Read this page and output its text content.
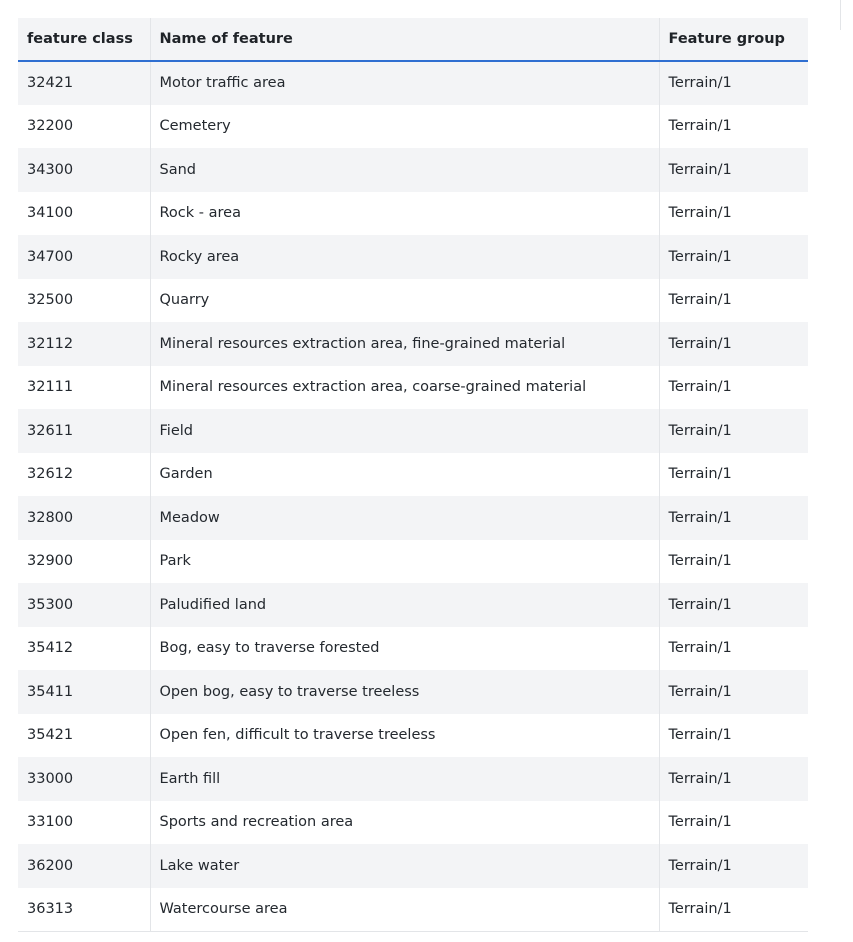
feature class	Name of feature	Feature group
32421	Motor traffic area	Terrain/1
32200	Cemetery	Terrain/1
34300	Sand	Terrain/1
34100	Rock - area	Terrain/1
34700	Rocky area	Terrain/1
32500	Quarry	Terrain/1
32112	Mineral resources extraction area, fine-grained material	Terrain/1
32111	Mineral resources extraction area, coarse-grained material	Terrain/1
32611	Field	Terrain/1
32612	Garden	Terrain/1
32800	Meadow	Terrain/1
32900	Park	Terrain/1
35300	Paludified land	Terrain/1
35412	Bog, easy to traverse forested	Terrain/1
35411	Open bog, easy to traverse treeless	Terrain/1
35421	Open fen, difficult to traverse treeless	Terrain/1
33000	Earth fill	Terrain/1
33100	Sports and recreation area	Terrain/1
36200	Lake water	Terrain/1
36313	Watercourse area	Terrain/1
